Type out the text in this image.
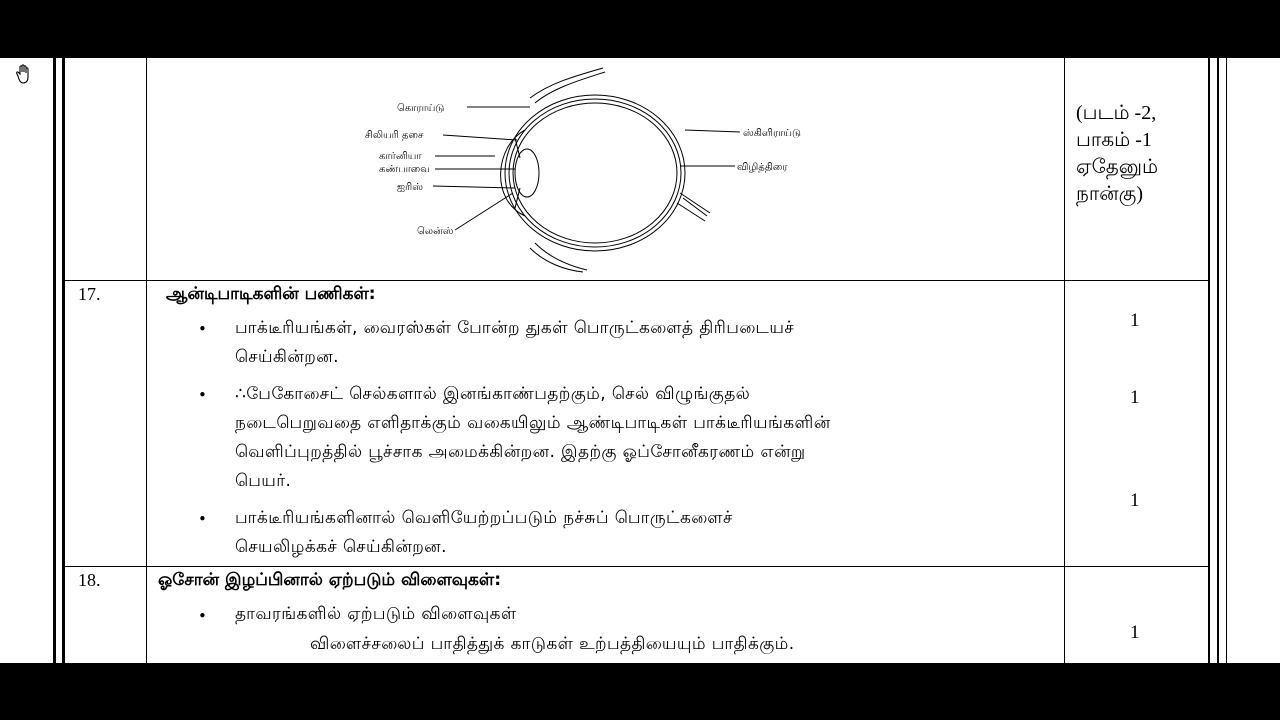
கொராய்டு
சிலியரி தசை
கார்னியா
கண்பாவை
ஐரிஸ்
லென்ஸ்
ஸ்கிளிராய்டு
விழித்திரை
(படம் -2,
பாகம் -1
ஏதேனும்
நான்கு)
17.	ஆன்டிபாடிகளின் பணிகள்:
• பாக்டீரியங்கள், வைரஸ்கள் போன்ற துகள் பொருட்களைத் திரிபடையச்
செய்கின்றன.
1
• ∴பேகோசைட் செல்களால் இனங்காண்பதற்கும், செல் விழுங்குதல்
நடைபெறுவதை எளிதாக்கும் வகையிலும் ஆண்டிபாடிகள் பாக்டீரியங்களின்
வெளிப்புறத்தில் பூச்சாக அமைக்கின்றன. இதற்கு ஓப்சோனீகரணம் என்று
பெயர்.
1
• பாக்டீரியங்களினால் வெளியேற்றப்படும் நச்சுப் பொருட்களைச்
செயலிழக்கச் செய்கின்றன.
1
18.	ஓசோன் இழப்பினால் ஏற்படும் விளைவுகள்:
• தாவரங்களில் ஏற்படும் விளைவுகள்
விளைச்சலைப் பாதித்துக் காடுகள் உற்பத்தியையும் பாதிக்கும்.
1
